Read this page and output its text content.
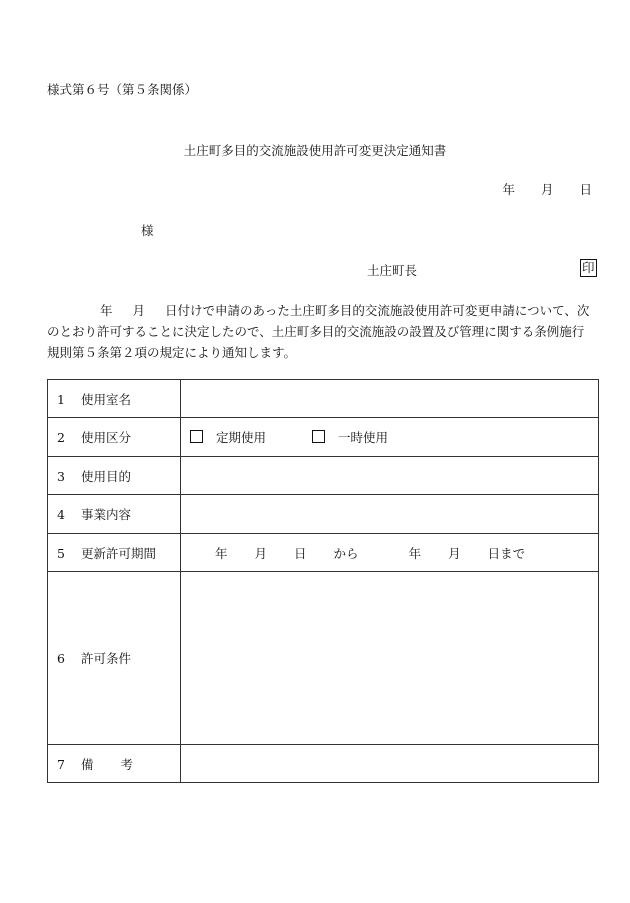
様式第６号（第５条関係）
土庄町多目的交流施設使用許可変更決定通知書
年 月 日
様
土庄町長	印
年 月 日付けで申請のあった土庄町多目的交流施設使用許可変更申請について、次のとおり許可することに決定したので、土庄町多目的交流施設の設置及び管理に関する条例施行規則第５条第２項の規定により通知します。
1 使用室名	
2 使用区分	定期使用 一時使用
3 使用目的	
4 事業内容	
5 更新許可期間	年 月 日 から 年 月 日まで
6 許可条件	
7 備 考	
